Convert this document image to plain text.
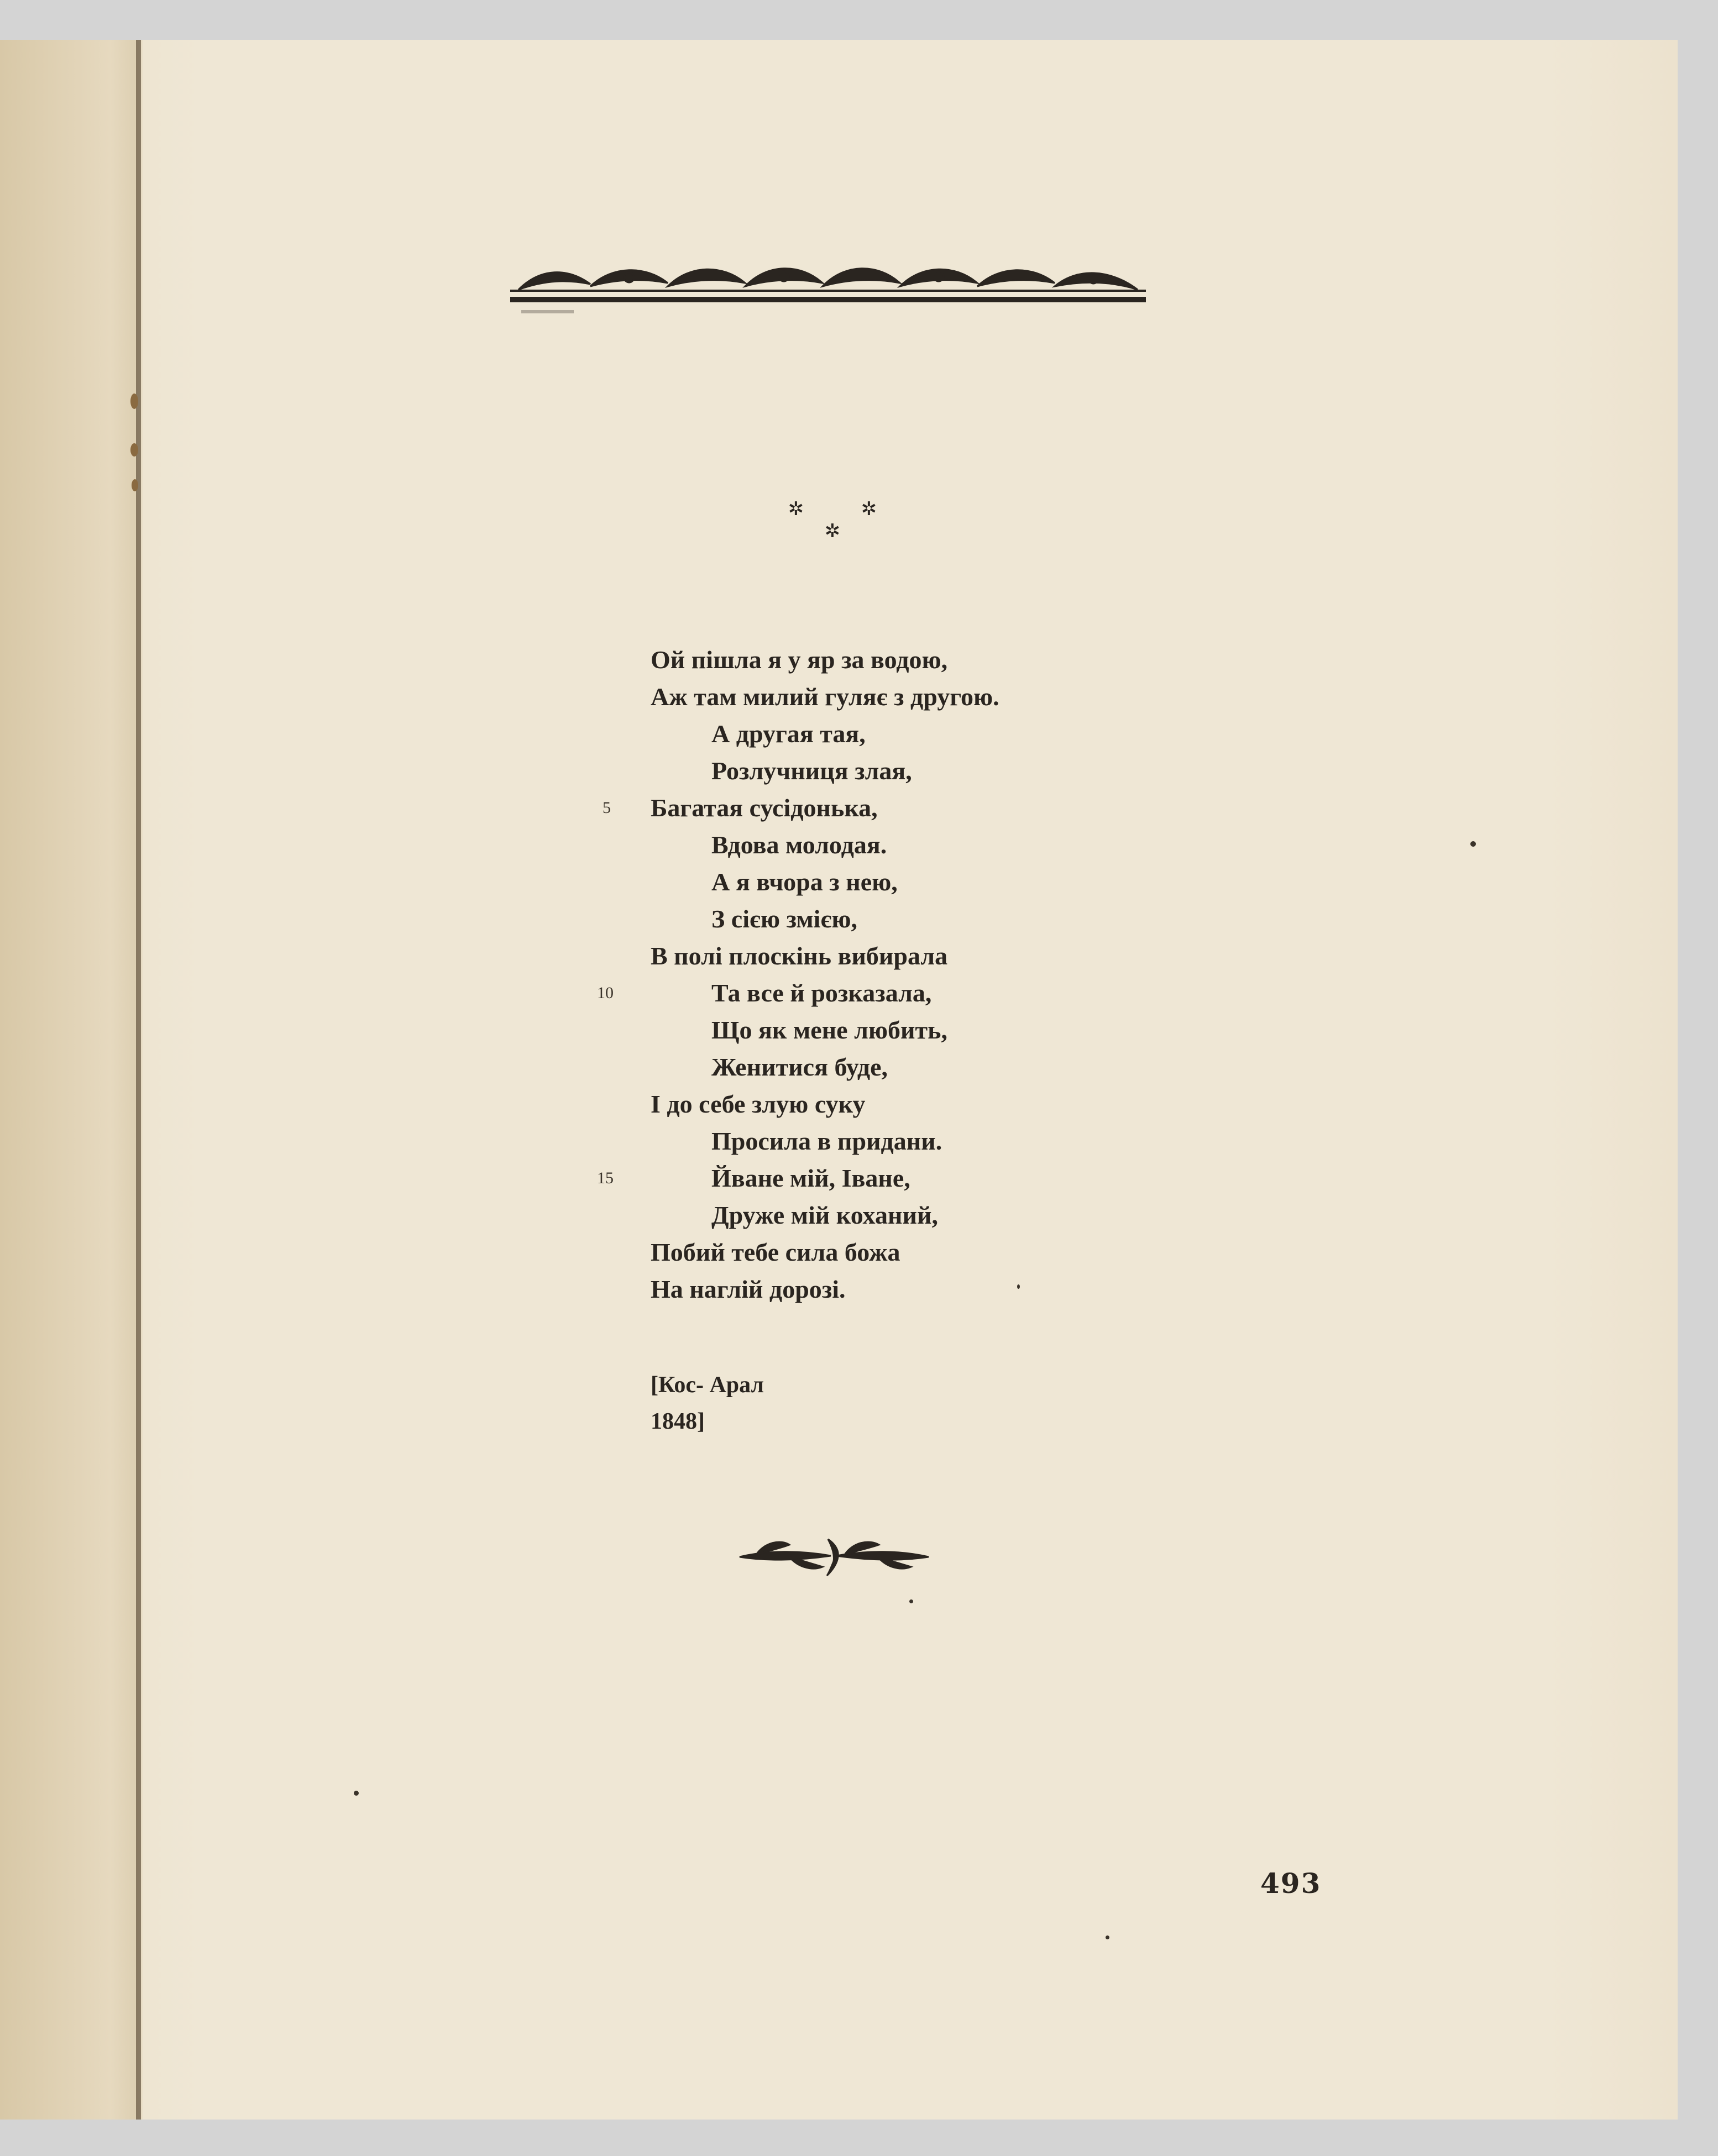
✲	✲
✲
Ой пішла я у яр за водою,
Аж там милий гуляє з другою.
А другая тая,
Розлучниця злая,
5 Багатая сусідонька,
Вдова молодая.
А я вчора з нею,
З сією змією,
В полі плоскінь вибирала
10	Та все й розказала,
Що як мене любить,
Женитися буде,
І до себе злую суку
Просила в придани.
15	Йване мій, Іване,
Друже мій коханий,
Побий тебе сила божа
На наглій дорозі.
[Кос- Арал
1848]
493
